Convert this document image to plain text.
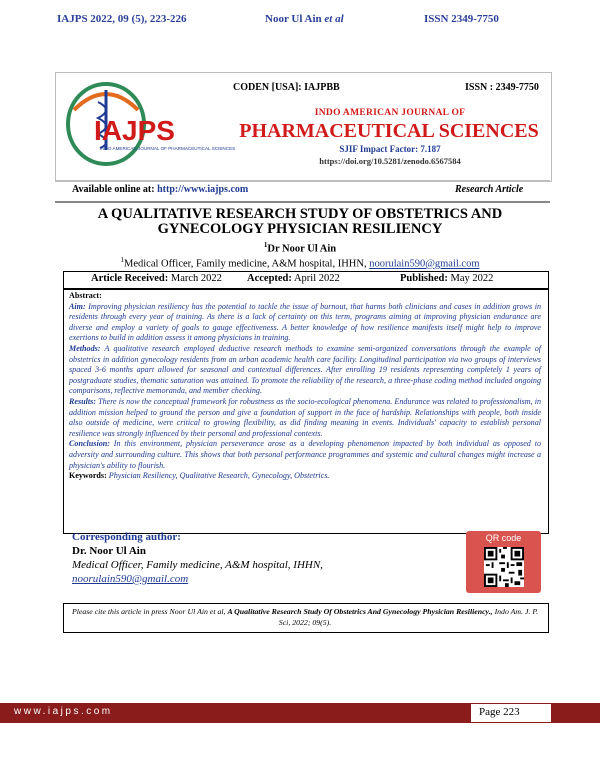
IAJPS 2022, 09 (5), 223-226	Noor Ul Ain et al	ISSN 2349-7750
IAJPS
INDO AMERICAN JOURNAL OF PHARMACEUTICAL SCIENCES
CODEN [USA]: IAJPBB	ISSN : 2349-7750
INDO AMERICAN JOURNAL OF
PHARMACEUTICAL SCIENCES
SJIF Impact Factor: 7.187
https://doi.org/10.5281/zenodo.6567584
Available online at: http://www.iajps.com	Research Article
A QUALITATIVE RESEARCH STUDY OF OBSTETRICS AND
GYNECOLOGY PHYSICIAN RESILIENCY
$^1$Dr Noor Ul Ain
$^1$Medical Officer, Family medicine, A&M hospital, IHHN, noorulain590@gmail.com
Article Received: March 2022 Accepted: April 2022	Published: May 2022

Abstract:

Aim: Improving physician resiliency has the potential to tackle the issue of burnout, that harms both clinicians and cases in addition grows in residents through every year of training. As there is a lack of certainty on this term, programs aiming at improving physician endurance are diverse and employ a variety of goals to gauge effectiveness. A better knowledge of how resilience manifests itself might help to improve exertions to build in addition assess it among physicians in training.

Methods: A qualitative research employed deductive research methods to examine semi-organized conversations through the example of obstetrics in addition gynecology residents from an urban academic health care facility. Longitudinal participation via two groups of interviews spaced 3-6 months apart allowed for seasonal and contextual differences. After enrolling 19 residents representing completely 1 years of postgraduate studies, thematic saturation was attained. To promote the reliability of the research, a three-phase coding method included ongoing comparisons, reflective memoranda, and member checking.

Results: There is now the conceptual framework for robustness as the socio-ecological phenomena. Endurance was related to professionalism, in addition mission helped to ground the person and give a foundation of support in the face of hardship. Relationships with people, both inside also outside of medicine, were critical to growing flexibility, as did finding meaning in events. Individuals' capacity to establish personal resilience was strongly influenced by their personal and professional contexts.

Conclusion: In this environment, physician perseverance arose as a developing phenomenon impacted by both individual as opposed to adversity and surrounding culture. This shows that both personal performance programmes and systemic and cultural changes might increase a physician's ability to flourish.

Keywords: Physician Resiliency, Qualitative Research, Gynecology, Obstetrics.

Corresponding author:
Dr. Noor Ul Ain
Medical Officer, Family medicine, A&M hospital, IHHN,
noorulain590@gmail.com
QR code
Please cite this article in press Noor Ul Ain et al, A Qualitative Research Study Of Obstetrics And Gynecology Physician Resiliency., Indo Am. J. P. Sci, 2022; 09(5).
www.iajps.com	Page 223
